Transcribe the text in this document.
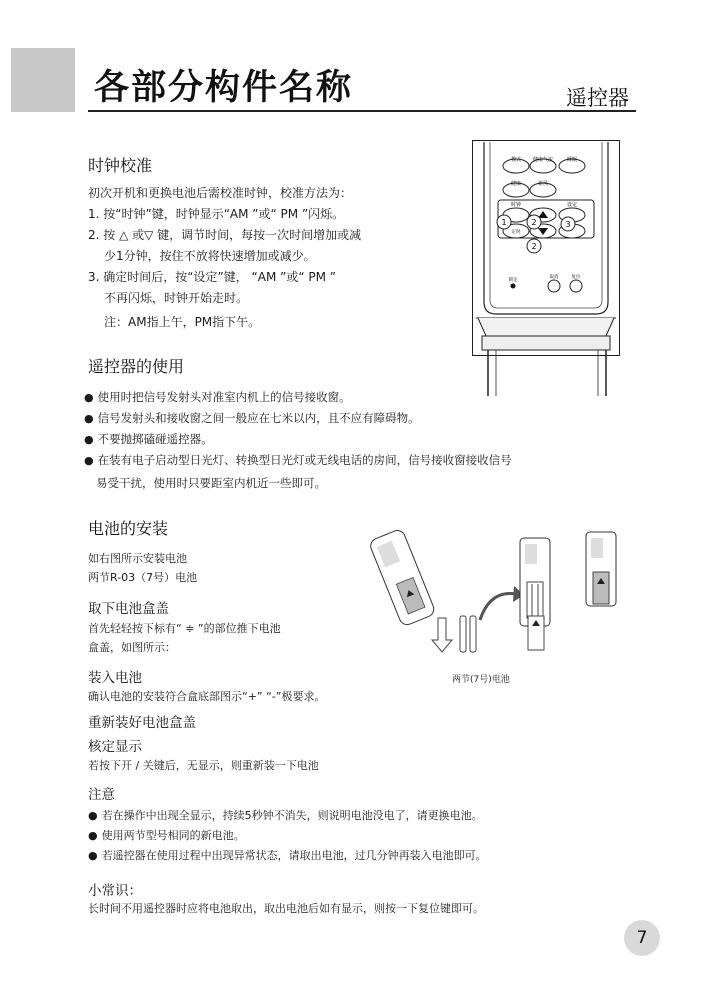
各部分构件名称	遥控器
时钟校准
初次开机和更换电池后需校准时钟，校准方法为：
1. 按“时钟”键，时钟显示“AM ”或“ PM ”闪烁。
2. 按 △ 或▽ 键，调节时间，每按一次时间增加或减
少1分钟，按住不放将快速增加或减少。
3. 确定时间后，按“设定”键， “AM ”或“ PM ”
不再闪烁，时钟开始走时。
注：AM指上午，PM指下午。
模式 健康气流	睡眠
健康	新风
时钟	设定
锁定
取消	复位
定时
1	2	3
2
遥控器的使用
● 使用时把信号发射头对准室内机上的信号接收窗。
● 信号发射头和接收窗之间一般应在七米以内，且不应有障碍物。
● 不要抛掷磕碰遥控器。
● 在装有电子启动型日光灯、转换型日光灯或无线电话的房间，信号接收窗接收信号
易受干扰，使用时只要距室内机近一些即可。
电池的安装
如右图所示安装电池
两节R-03（7号）电池
取下电池盒盖
首先轻轻按下标有“ ≑ ”的部位推下电池
盒盖，如图所示：
装入电池
确认电池的安装符合盒底部图示“+” “-”极要求。
重新装好电池盒盖
核定显示
若按下开 / 关键后，无显示，则重新装一下电池
两节(7号)电池
注意
● 若在操作中出现全显示，持续5秒钟不消失，则说明电池没电了，请更换电池。
● 使用两节型号相同的新电池。
● 若遥控器在使用过程中出现异常状态，请取出电池，过几分钟再装入电池即可。
小常识：
长时间不用遥控器时应将电池取出，取出电池后如有显示，则按一下复位键即可。
7
